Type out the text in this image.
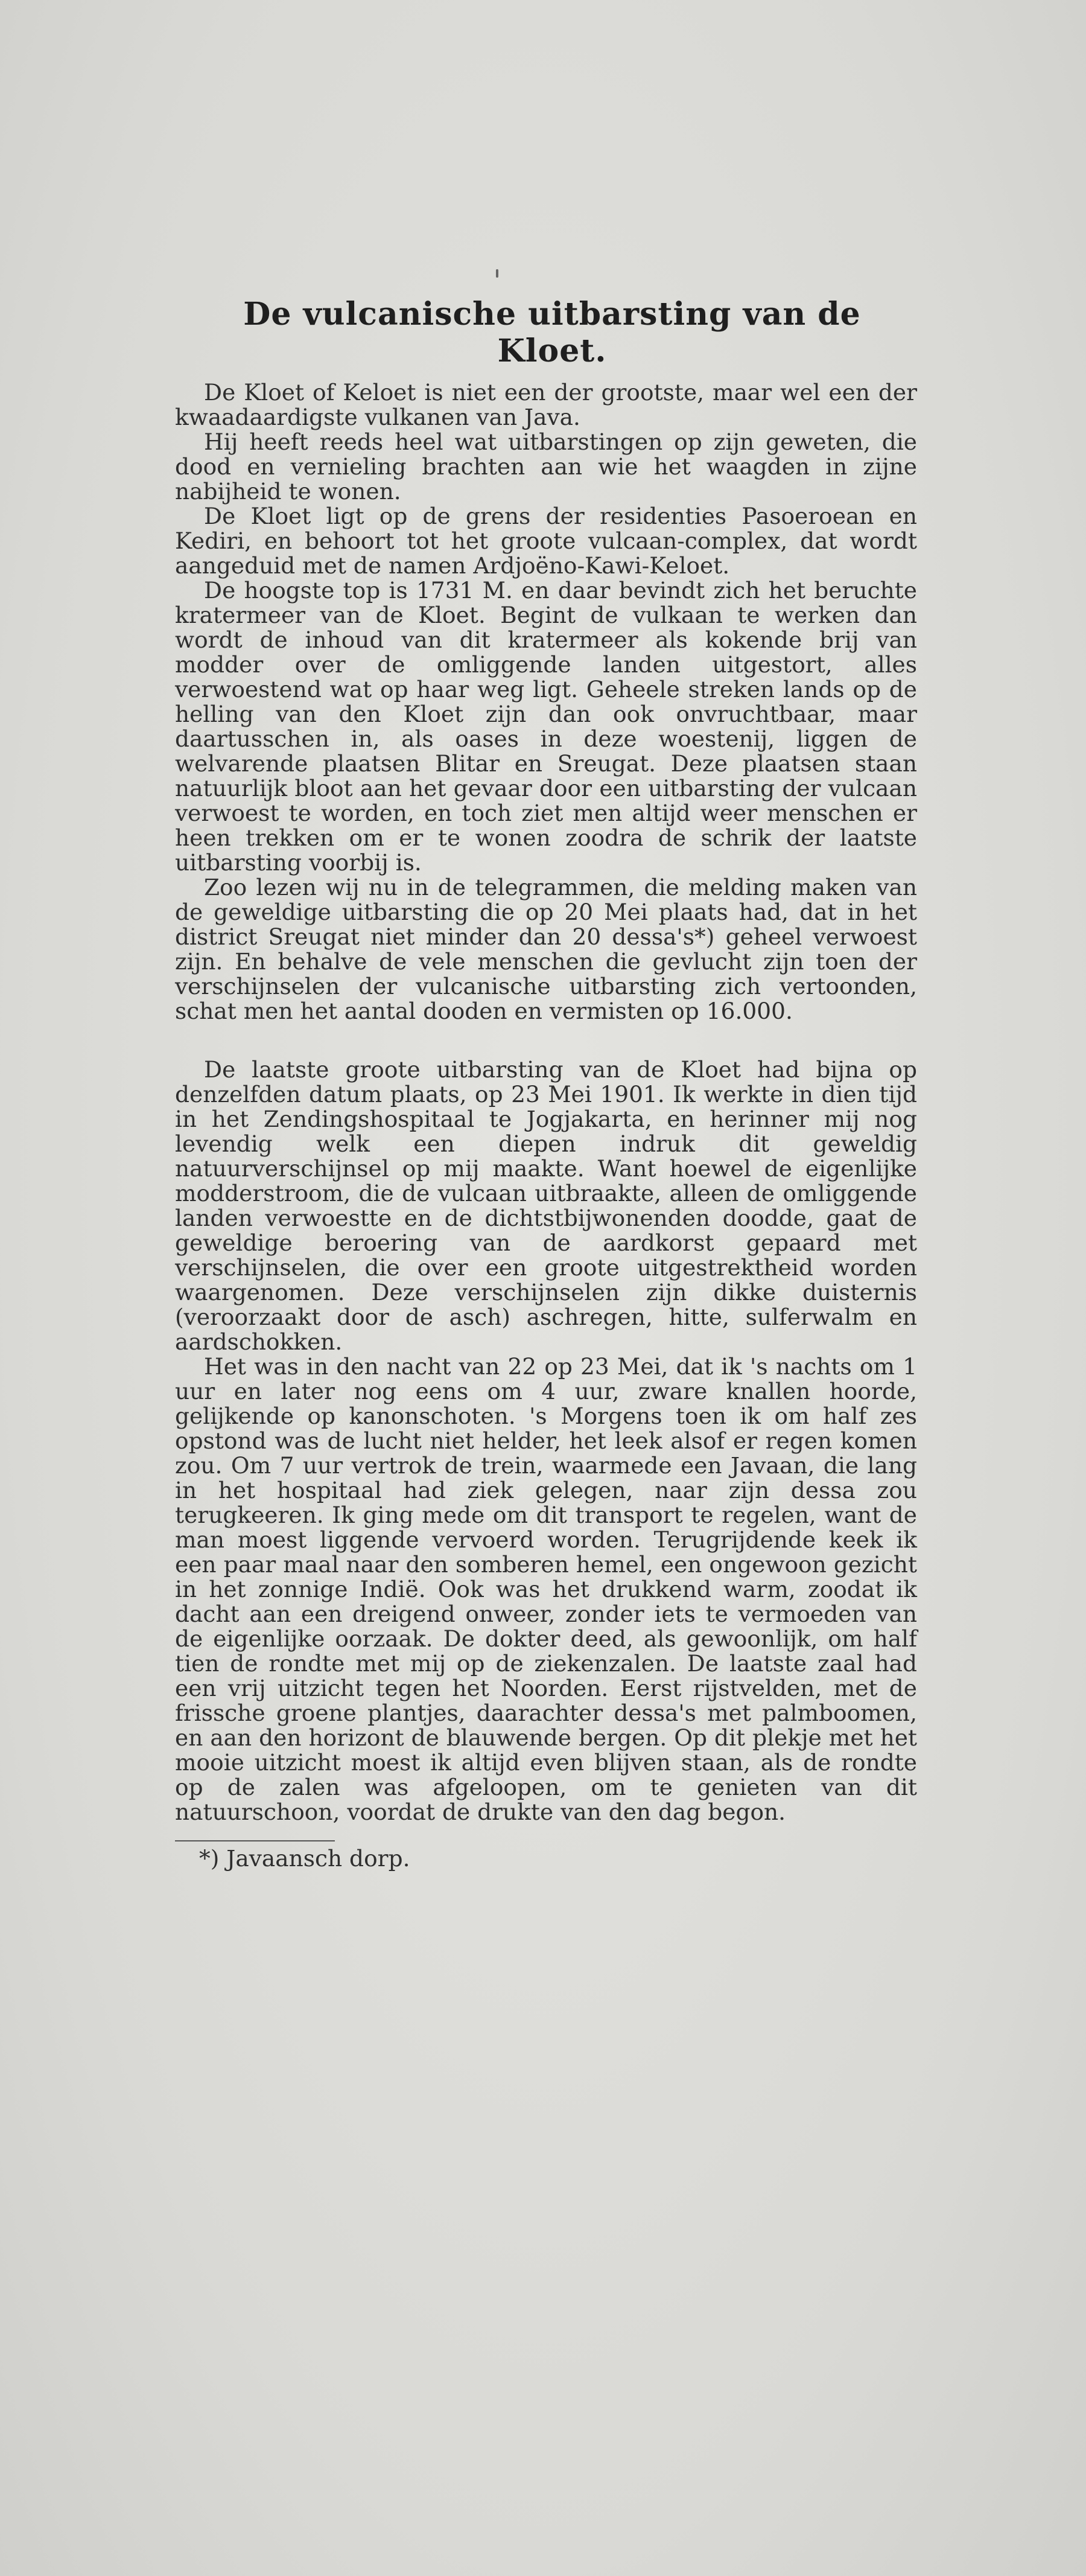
De vulcanische uitbarsting van de Kloet.

De Kloet of Keloet is niet een der grootste, maar wel een der kwaadaardigste vulkanen van Java.

Hij heeft reeds heel wat uitbarstingen op zijn geweten, die dood en vernieling brachten aan wie het waagden in zijne nabijheid te wonen.

De Kloet ligt op de grens der residenties Pasoeroean en Kediri, en behoort tot het groote vulcaan-complex, dat wordt aangeduid met de namen Ardjoëno-Kawi-Keloet.

De hoogste top is 1731 M. en daar bevindt zich het beruchte kratermeer van de Kloet. Begint de vulkaan te werken dan wordt de inhoud van dit kratermeer als kokende brij van modder over de omliggende landen uitgestort, alles verwoestend wat op haar weg ligt. Geheele streken lands op de helling van den Kloet zijn dan ook onvruchtbaar, maar daartusschen in, als oases in deze woestenij, liggen de welvarende plaatsen Blitar en Sreugat. Deze plaatsen staan natuurlijk bloot aan het gevaar door een uitbarsting der vulcaan verwoest te worden, en toch ziet men altijd weer menschen er heen trekken om er te wonen zoodra de schrik der laatste uitbarsting voorbij is.

Zoo lezen wij nu in de telegrammen, die melding maken van de geweldige uitbarsting die op 20 Mei plaats had, dat in het district Sreugat niet minder dan 20 dessa's*) geheel verwoest zijn. En behalve de vele menschen die gevlucht zijn toen der verschijnselen der vulcanische uitbarsting zich vertoonden, schat men het aantal dooden en vermisten op 16.000.

De laatste groote uitbarsting van de Kloet had bijna op denzelfden datum plaats, op 23 Mei 1901. Ik werkte in dien tijd in het Zendingshospitaal te Jogjakarta, en herinner mij nog levendig welk een diepen indruk dit geweldig natuurverschijnsel op mij maakte. Want hoewel de eigenlijke modderstroom, die de vulcaan uitbraakte, alleen de omliggende landen verwoestte en de dichtstbijwonenden doodde, gaat de geweldige beroering van de aardkorst gepaard met verschijnselen, die over een groote uitgestrektheid worden waargenomen. Deze verschijnselen zijn dikke duisternis (veroorzaakt door de asch) aschregen, hitte, sulferwalm en aardschokken.

Het was in den nacht van 22 op 23 Mei, dat ik 's nachts om 1 uur en later nog eens om 4 uur, zware knallen hoorde, gelijkende op kanonschoten. 's Morgens toen ik om half zes opstond was de lucht niet helder, het leek alsof er regen komen zou. Om 7 uur vertrok de trein, waarmede een Javaan, die lang in het hospitaal had ziek gelegen, naar zijn dessa zou terugkeeren. Ik ging mede om dit transport te regelen, want de man moest liggende vervoerd worden. Terugrijdende keek ik een paar maal naar den somberen hemel, een ongewoon gezicht in het zonnige Indië. Ook was het drukkend warm, zoodat ik dacht aan een dreigend onweer, zonder iets te vermoeden van de eigenlijke oorzaak. De dokter deed, als gewoonlijk, om half tien de rondte met mij op de ziekenzalen. De laatste zaal had een vrij uitzicht tegen het Noorden. Eerst rijstvelden, met de frissche groene plantjes, daarachter dessa's met palmboomen, en aan den horizont de blauwende bergen. Op dit plekje met het mooie uitzicht moest ik altijd even blijven staan, als de rondte op de zalen was afgeloopen, om te genieten van dit natuurschoon, voordat de drukte van den dag begon.

*) Javaansch dorp.
